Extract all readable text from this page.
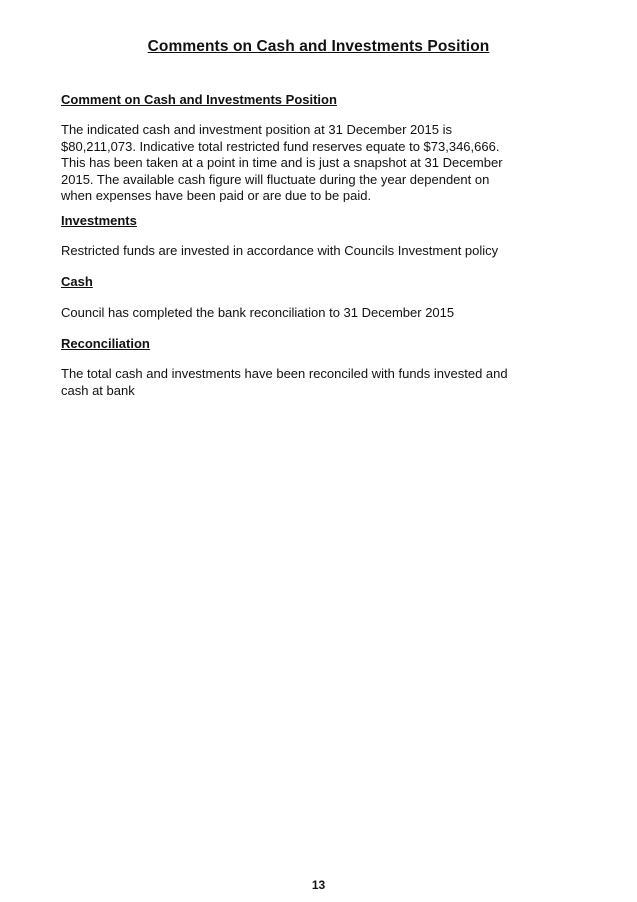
Comments on Cash and Investments Position
Comment on Cash and Investments Position
The indicated cash and investment position at 31 December 2015 is
$80,211,073. Indicative total restricted fund reserves equate to $73,346,666.
This has been taken at a point in time and is just a snapshot at 31 December
2015. The available cash figure will fluctuate during the year dependent on
when expenses have been paid or are due to be paid.
Investments
Restricted funds are invested in accordance with Councils Investment policy
Cash
Council has completed the bank reconciliation to 31 December 2015
Reconciliation
The total cash and investments have been reconciled with funds invested and
cash at bank
13
